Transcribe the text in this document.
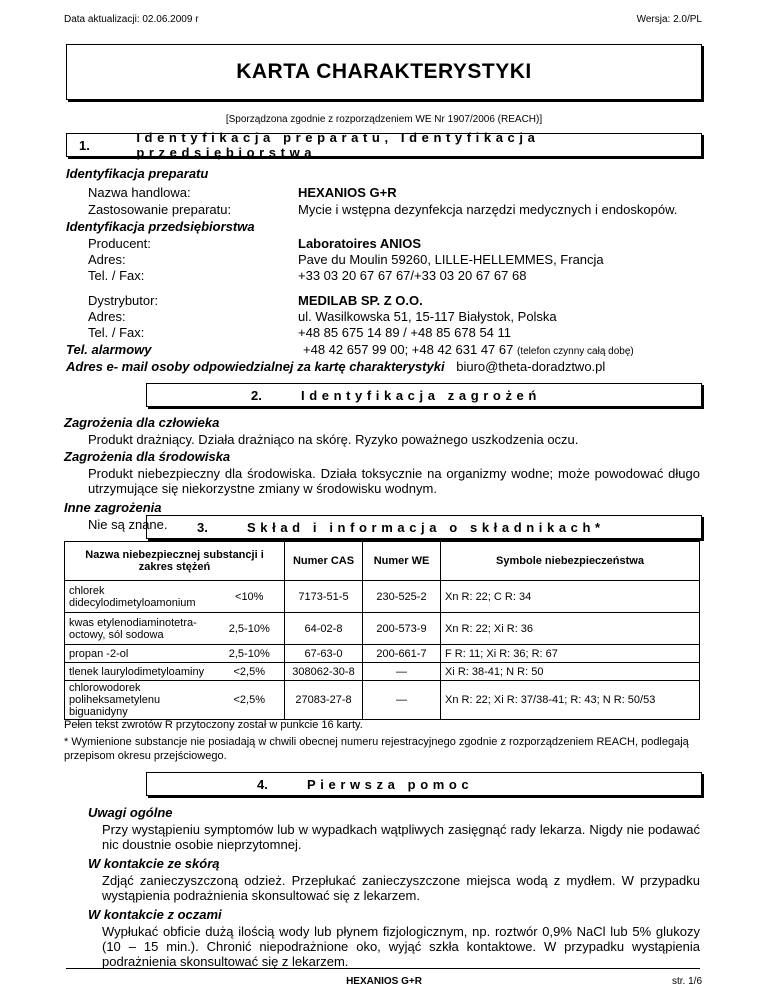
Data aktualizacji: 02.06.2009 r	Wersja: 2.0/PL
KARTA CHARAKTERYSTYKI
[Sporządzona zgodnie z rozporządzeniem WE Nr 1907/2006 (REACH)]
1.	Identyfikacja preparatu, Identyfikacja przedsiębiorstwa
Identyfikacja preparatu
Nazwa handlowa:	HEXANIOS G+R
Zastosowanie preparatu:	Mycie i wstępna dezynfekcja narzędzi medycznych i endoskopów.
Identyfikacja przedsiębiorstwa
Producent:	Laboratoires ANIOS
Adres:	Pave du Moulin 59260, LILLE-HELLEMMES, Francja
Tel. / Fax:	+33 03 20 67 67 67/+33 03 20 67 67 68
Dystrybutor:	MEDILAB SP. Z O.O.
Adres:	ul. Wasilkowska 51, 15-117 Białystok, Polska
Tel. / Fax:	+48 85 675 14 89 / +48 85 678 54 11
Tel. alarmowy	+48 42 657 99 00; +48 42 631 47 67 (telefon czynny całą dobę)
Adres e- mail osoby odpowiedzialnej za kartę charakterystyki biuro@theta-doradztwo.pl
2.	Identyfikacja zagrożeń
Zagrożenia dla człowieka
Produkt drażniący. Działa drażniąco na skórę. Ryzyko poważnego uszkodzenia oczu.
Zagrożenia dla środowiska
Produkt niebezpieczny dla środowiska. Działa toksycznie na organizmy wodne; może powodować długo utrzymujące się niekorzystne zmiany w środowisku wodnym.
Inne zagrożenia
Nie są znane. 3.	Skład i informacja o składnikach*
Nazwa niebezpiecznej substancji i zakres stężeń		Numer CAS	Numer WE	Symbole niebezpieczeństwa
chlorek didecylodimetyloamonium	<10%	7173-51-5	230-525-2	Xn R: 22; C R: 34
kwas etylenodiaminotetra-octowy, sól sodowa	2,5-10%	64-02-8	200-573-9	Xn R: 22; Xi R: 36
propan -2-ol	2,5-10%	67-63-0	200-661-7	F R: 11; Xi R: 36; R: 67
tlenek laurylodimetyloaminy	<2,5%	308062-30-8	—	Xi R: 38-41; N R: 50
chlorowodorek poliheksametylenu biguanidyny	<2,5%	27083-27-8	—	Xn R: 22; Xi R: 37/38-41; R: 43; N R: 50/53
Pełen tekst zwrotów R przytoczony został w punkcie 16 karty.
* Wymienione substancje nie posiadają w chwili obecnej numeru rejestracyjnego zgodnie z rozporządzeniem REACH, podlegają przepisom okresu przejściowego.
4.	Pierwsza pomoc
Uwagi ogólne
Przy wystąpieniu symptomów lub w wypadkach wątpliwych zasięgnąć rady lekarza. Nigdy nie podawać nic doustnie osobie nieprzytomnej.
W kontakcie ze skórą
Zdjąć zanieczyszczoną odzież. Przepłukać zanieczyszczone miejsca wodą z mydłem. W przypadku wystąpienia podrażnienia skonsultować się z lekarzem.
W kontakcie z oczami
Wypłukać obficie dużą ilością wody lub płynem fizjologicznym, np. roztwór 0,9% NaCl lub 5% glukozy (10 – 15 min.). Chronić niepodrażnione oko, wyjąć szkła kontaktowe. W przypadku wystąpienia podrażnienia skonsultować się z lekarzem.
HEXANIOS G+R	str. 1/6
